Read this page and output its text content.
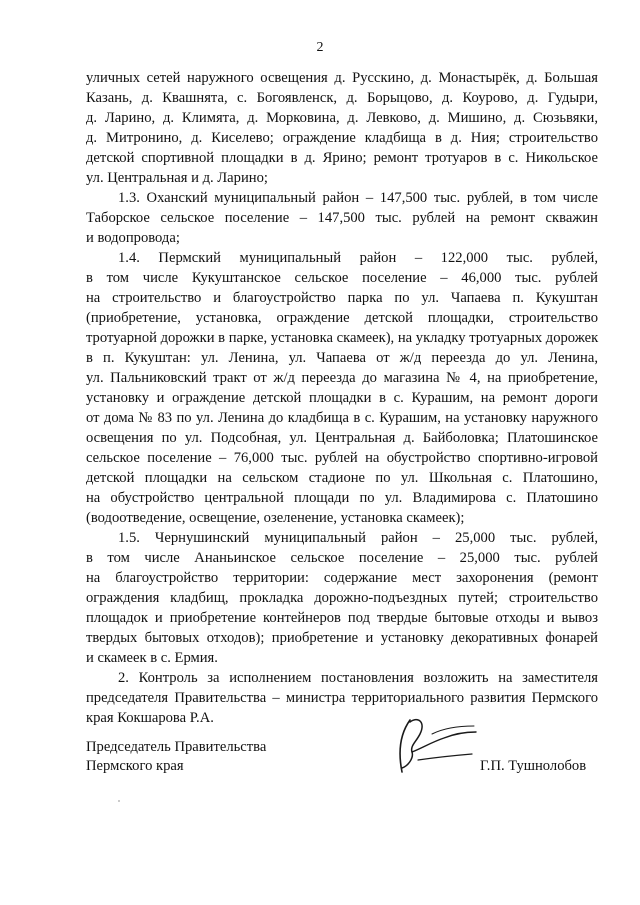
2
уличных сетей наружного освещения д. Русскино, д. Монастырёк, д. Большая
Казань, д. Квашнята, с. Богоявленск, д. Борыцово, д. Коурово, д. Гудыри,
д. Ларино, д. Климята, д. Морковина, д. Левково, д. Мишино, д. Сюзьвяки,
д. Митронино, д. Киселево; ограждение кладбища в д. Ния; строительство
детской спортивной площадки в д. Ярино; ремонт тротуаров в с. Никольское
ул. Центральная и д. Ларино;
1.3. Оханский муниципальный район – 147,500 тыс. рублей, в том числе
Таборское сельское поселение – 147,500 тыс. рублей на ремонт скважин
и водопровода;
1.4. Пермский муниципальный район – 122,000 тыс. рублей,
в том числе Кукуштанское сельское поселение – 46,000 тыс. рублей
на строительство и благоустройство парка по ул. Чапаева п. Кукуштан
(приобретение, установка, ограждение детской площадки, строительство
тротуарной дорожки в парке, установка скамеек), на укладку тротуарных дорожек
в п. Кукуштан: ул. Ленина, ул. Чапаева от ж/д переезда до ул. Ленина,
ул. Пальниковский тракт от ж/д переезда до магазина № 4, на приобретение,
установку и ограждение детской площадки в с. Курашим, на ремонт дороги
от дома № 83 по ул. Ленина до кладбища в с. Курашим, на установку наружного
освещения по ул. Подсобная, ул. Центральная д. Байболовка; Платошинское
сельское поселение – 76,000 тыс. рублей на обустройство спортивно-игровой
детской площадки на сельском стадионе по ул. Школьная с. Платошино,
на обустройство центральной площади по ул. Владимирова с. Платошино
(водоотведение, освещение, озеленение, установка скамеек);
1.5. Чернушинский муниципальный район – 25,000 тыс. рублей,
в том числе Ананьинское сельское поселение – 25,000 тыс. рублей
на благоустройство территории: содержание мест захоронения (ремонт
ограждения кладбищ, прокладка дорожно-подъездных путей; строительство
площадок и приобретение контейнеров под твердые бытовые отходы и вывоз
твердых бытовых отходов); приобретение и установку декоративных фонарей
и скамеек в с. Ермия.
2. Контроль за исполнением постановления возложить на заместителя
председателя Правительства – министра территориального развития Пермского
края Кокшарова Р.А.
Председатель Правительства
Пермского края	Г.П. Тушнолобов
